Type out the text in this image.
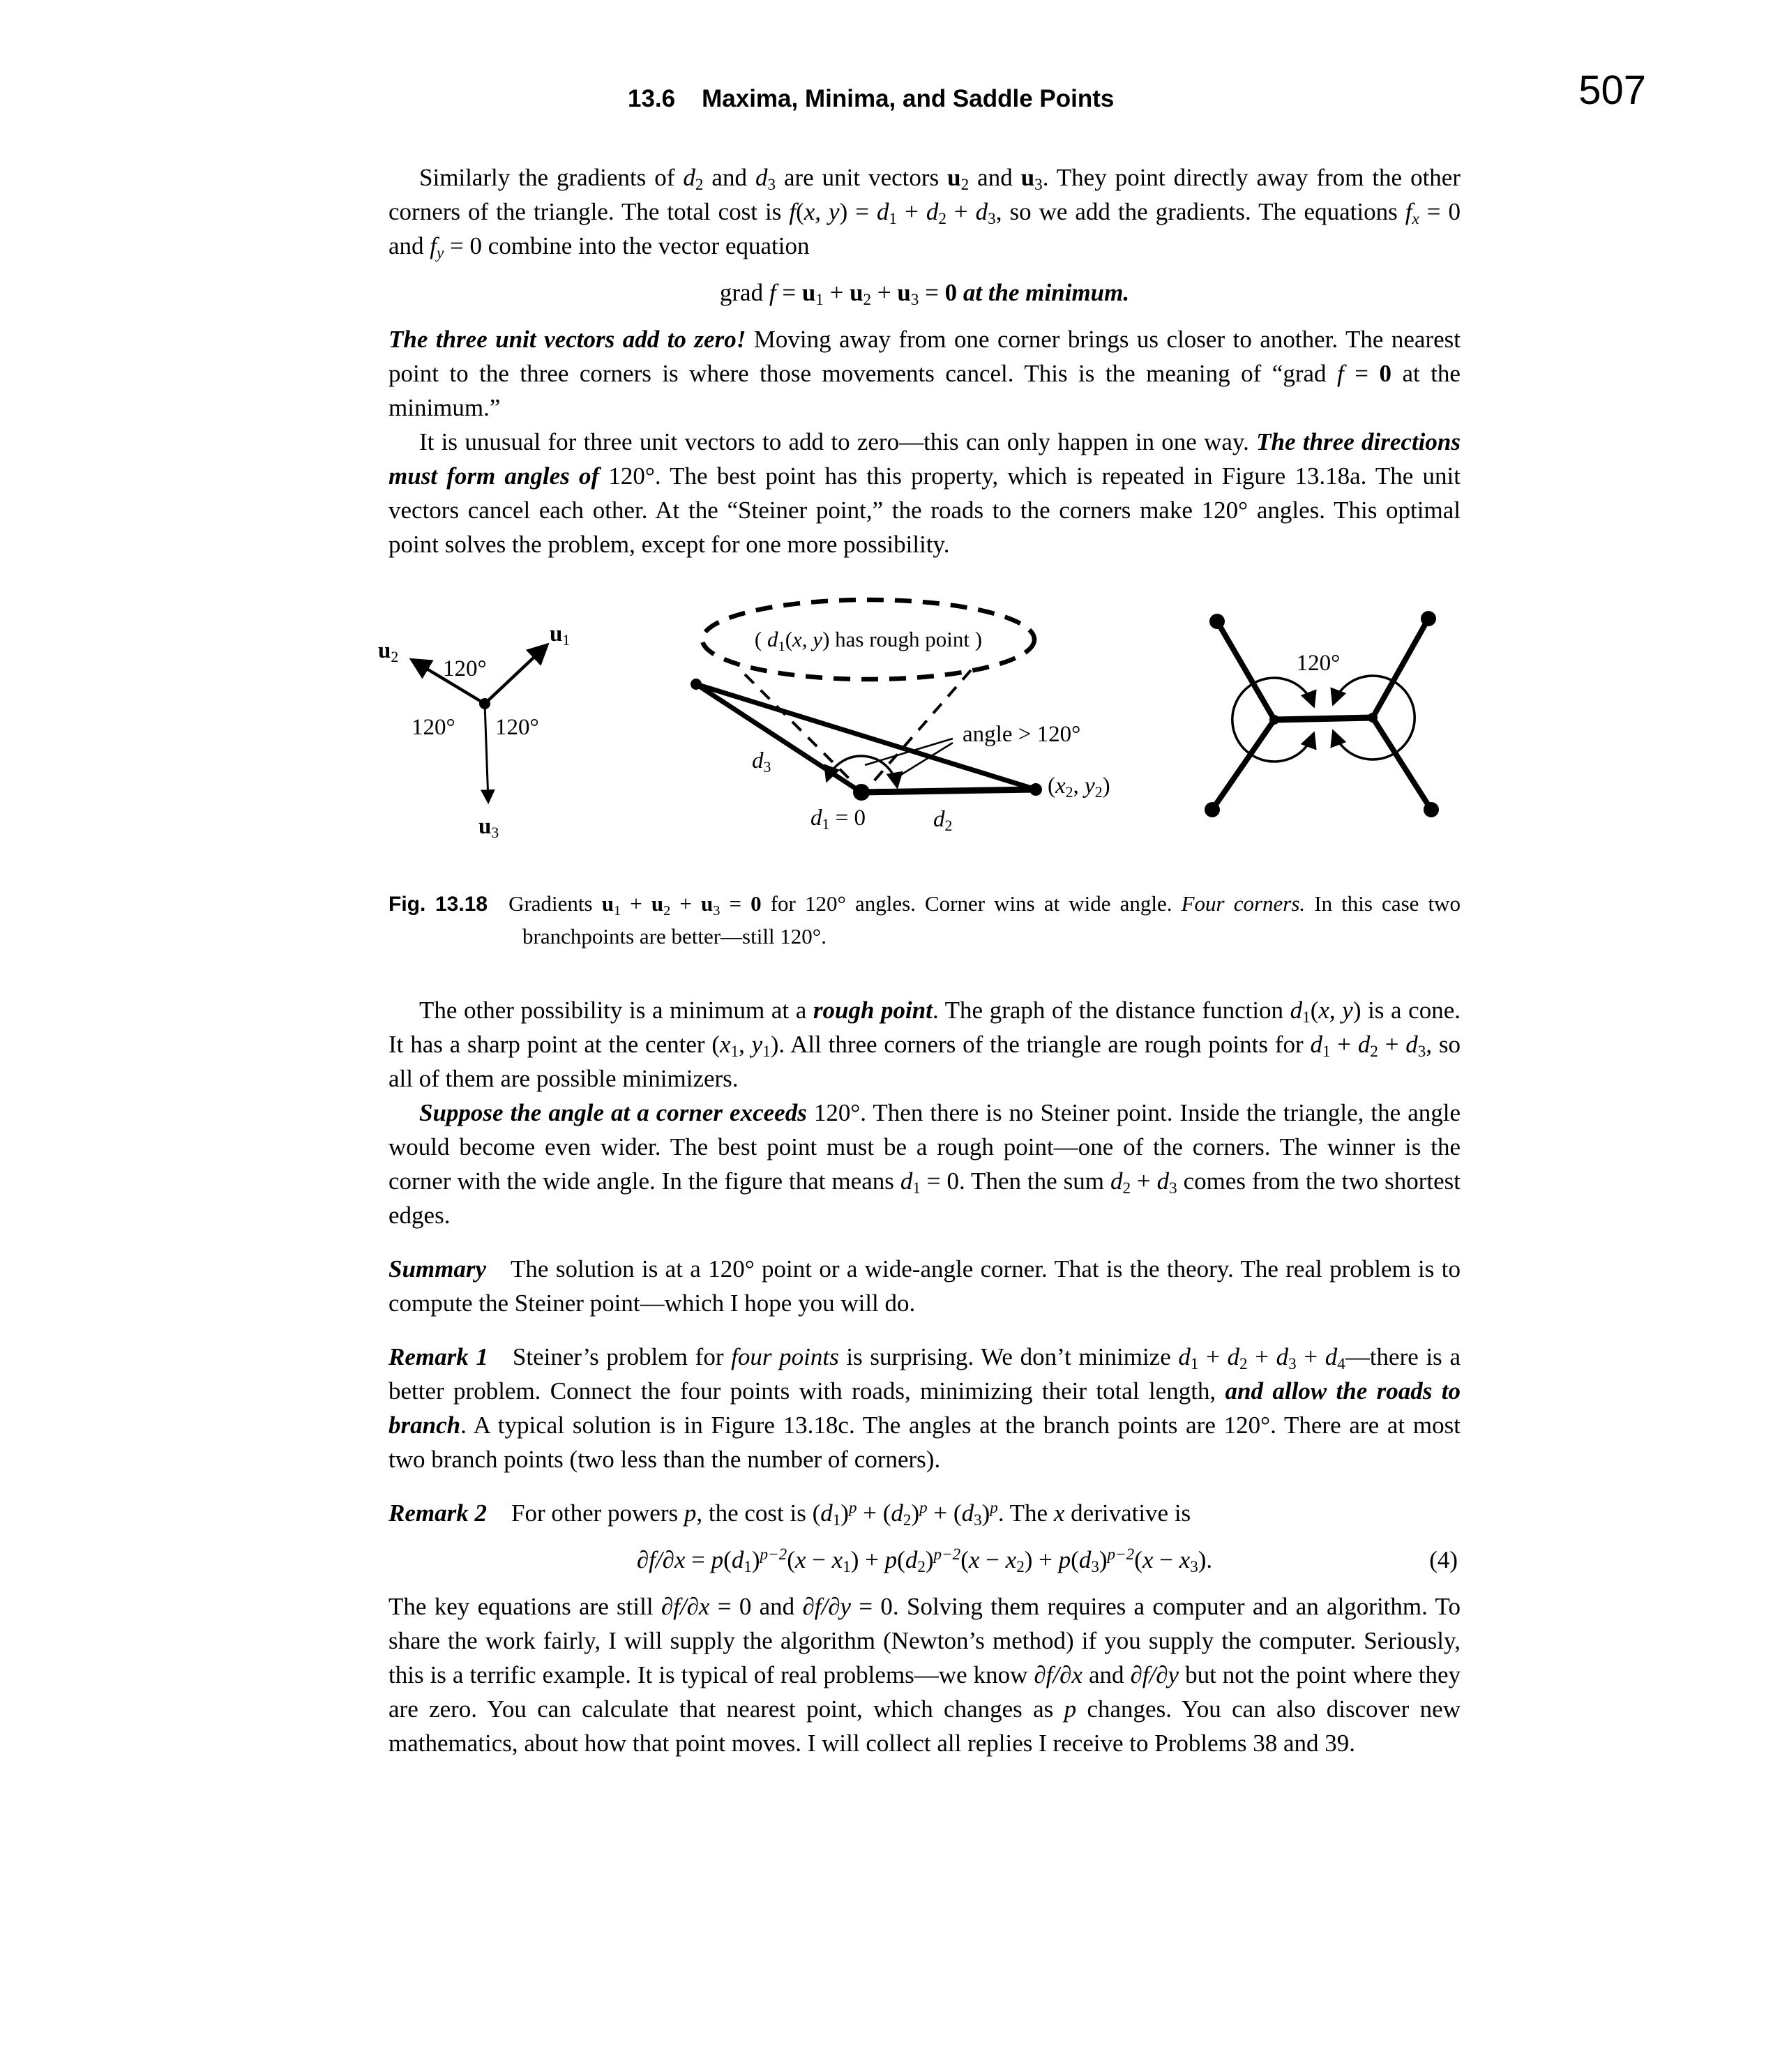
13.6 Maxima, Minima, and Saddle Points	507

Similarly the gradients of $d_2$ and $d_3$ are unit vectors $u_2$ and $u_3$. They point directly away from the other corners of the triangle. The total cost is f(x, $y) = d_1 + d_2 + d_3$, so we add the gradients. The equations $f_x = 0$ and $f_y = 0$ combine into the vector equation

grad $f = u_1 + u_2 + u_3 = 0$ at the minimum.

The three unit vectors add to zero! Moving away from one corner brings us closer to another. The nearest point to the three corners is where those movements cancel. This is the meaning of “grad f = 0 at the minimum.”

It is unusual for three unit vectors to add to zero—this can only happen in one way. The three directions must form angles of 120°. The best point has this property, which is repeated in Figure 13.18a. The unit vectors cancel each other. At the “Steiner point,” the roads to the corners make 120° angles. This optimal point solves the problem, except for one more possibility.

$u_2$
$u_1$
120°
120° 120°
$u_3$
( $d_1(x$, y) has rough point )
$d_3$
angle > 120°
$d_1 = 0$	$d_2$
($x_2$, $y_2$)
120°

Fig. 13.18 Gradients $u_1 + u_2 + u_3 = 0$ for 120° angles. Corner wins at wide angle. Four corners. In this case two branchpoints are better—still 120°.

The other possibility is a minimum at a rough point. The graph of the distance function $d_1(x$, y) is a cone. It has a sharp point at the center ($x_1$, $y_1$). All three corners of the triangle are rough points for $d_1 + d_2 + d_3$, so all of them are possible minimizers.

Suppose the angle at a corner exceeds 120°. Then there is no Steiner point. Inside the triangle, the angle would become even wider. The best point must be a rough point—one of the corners. The winner is the corner with the wide angle. In the figure that means $d_1 = 0$. Then the sum $d_2 + d_3$ comes from the two shortest edges.

Summary The solution is at a 120° point or a wide-angle corner. That is the theory. The real problem is to compute the Steiner point—which I hope you will do.

Remark 1 Steiner’s problem for four points is surprising. We don’t minimize $d_1 + d_2 + d_3$ + $d_4—there$ is a better problem. Connect the four points with roads, minimizing their total length, and allow the roads to branch. A typical solution is in Figure 13.18c. The angles at the branch points are 120°. There are at most two branch points (two less than the number of corners).

Remark 2 For other powers p, the cost is $(d_1)^p + (d_2)^p + (d_3)^p$. The x derivative is

$\partial f/\partial x = p(d_1)^{p-2}(x - x_1) + p(d_2)^{p-2}(x - x_2) + p(d_3)^{p-2}(x - x_3)$.	(4)

The key equations are still ∂f/∂x = 0 and ∂f/∂y = 0. Solving them requires a computer and an algorithm. To share the work fairly, I will supply the algorithm (Newton’s method) if you supply the computer. Seriously, this is a terrific example. It is typical of real problems—we know ∂f/∂x and ∂f/∂y but not the point where they are zero. You can calculate that nearest point, which changes as p changes. You can also discover new mathematics, about how that point moves. I will collect all replies I receive to Problems 38 and 39.
